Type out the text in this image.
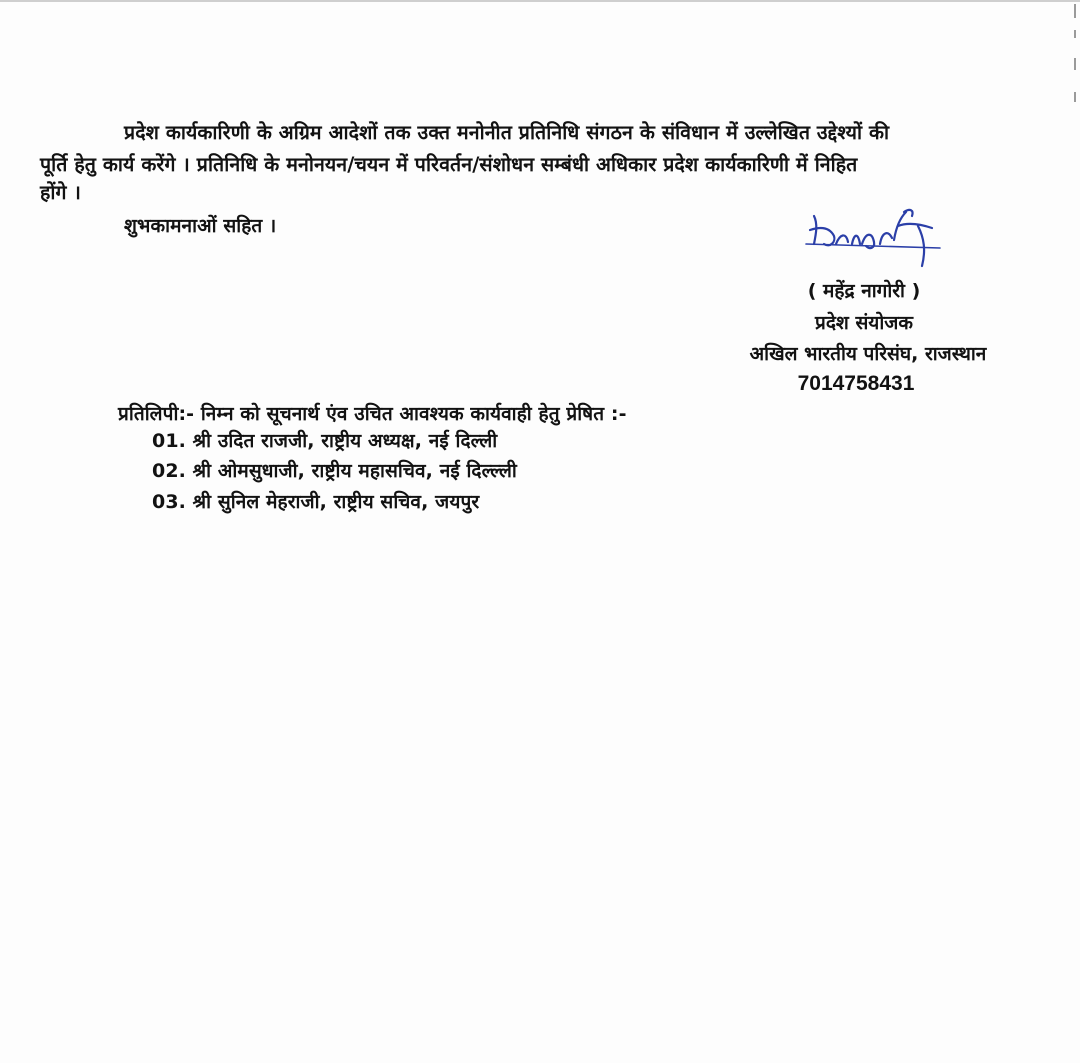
प्रदेश कार्यकारिणी के अग्रिम आदेशों तक उक्त मनोनीत प्रतिनिधि संगठन के संविधान में उल्लेखित उद्देश्यों की
पूर्ति हेतु कार्य करेंगे । प्रतिनिधि के मनोनयन/चयन में परिवर्तन/संशोधन सम्बंधी अधिकार प्रदेश कार्यकारिणी में निहित
होंगे ।
शुभकामनाओं सहित ।
( महेंद्र नागोरी )
प्रदेश संयोजक
अखिल भारतीय परिसंघ, राजस्थान
7014758431
प्रतिलिपी:- निम्न को सूचनार्थ एंव उचित आवश्यक कार्यवाही हेतु प्रेषित :-
01. श्री उदित राजजी, राष्ट्रीय अध्यक्ष, नई दिल्ली
02. श्री ओमसुधाजी, राष्ट्रीय महासचिव, नई दिल्ल्ली
03. श्री सुनिल मेहराजी, राष्ट्रीय सचिव, जयपुर
